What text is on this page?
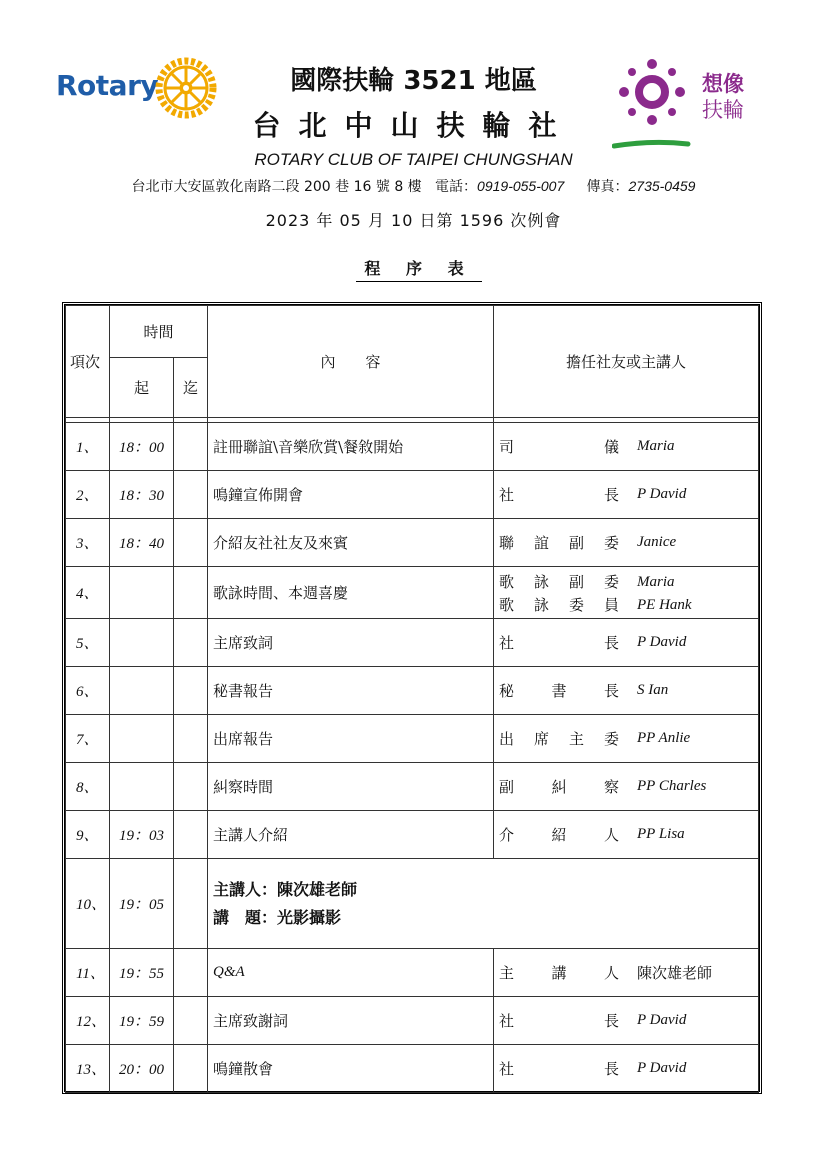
Rotary	想像
扶輪
國際扶輪 3521 地區
台北中山扶輪社
ROTARY CLUB OF TAIPEI CHUNGSHAN
台北市大安區敦化南路二段 200 巷 16 號 8 樓 電話：0919-055-007 傳真：2735-0459
2023 年 05 月 10 日第 1596 次例會
程 序 表
項次	時間		內　　容	擔任社友或主講人
	起	迄		

1、	18：00		註冊聯誼\音樂欣賞\餐敘開始	司　儀 Maria
2、	18：30		鳴鐘宣佈開會	社　長 P David
3、	18：40		介紹友社社友及來賓	聯誼副委 Janice
4、			歌詠時間、本週喜慶	歌詠副委 Maria
歌詠委員 PE Hank

5、			主席致詞	社　長 P David
6、			秘書報告	秘書長 S Ian
7、			出席報告	出席主委 PP Anlie
8、			糾察時間	副糾察 PP Charles
9、	19：03		主講人介紹	介紹人 PP Lisa
10、	19：05		主講人：陳次雄老師
講　題：光影攝影	

11、	19：55		Q&A	主講人 陳次雄老師
12、	19：59		主席致謝詞	社　長 P David
13、	20：00		鳴鐘散會	社　長 P David
